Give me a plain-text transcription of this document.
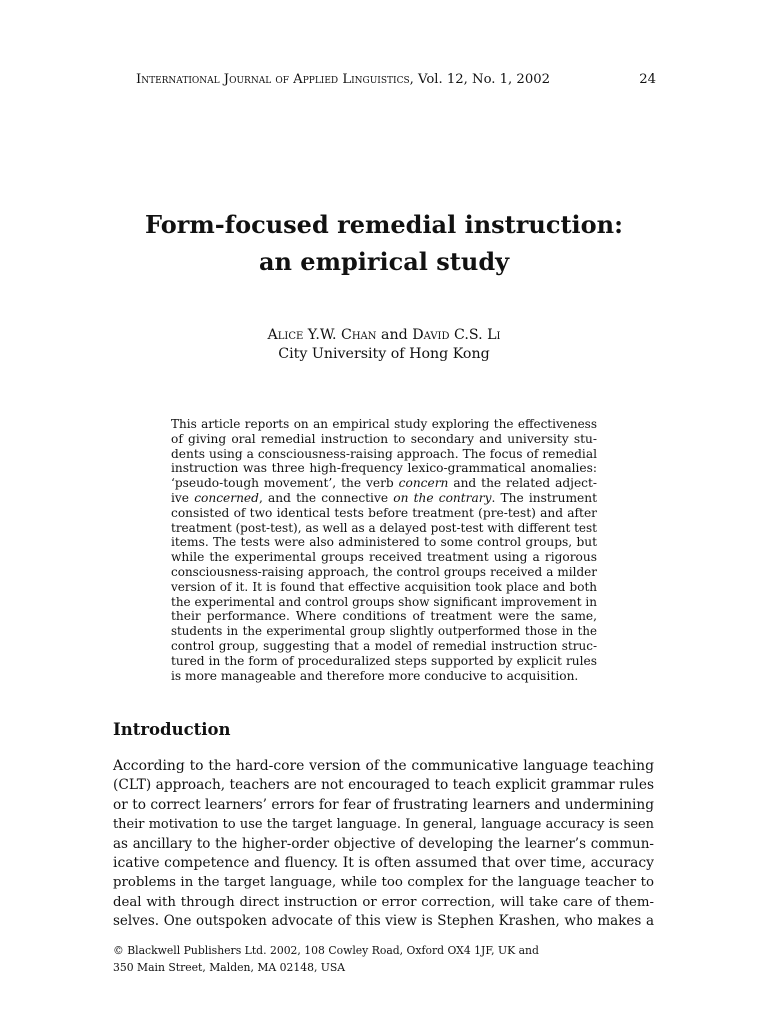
International Journal of Applied Linguistics, Vol. 12, No. 1, 2002	24
Form-focused remedial instruction:
an empirical study
Alice Y.W. Chan and David C.S. Li
City University of Hong Kong
This article reports on an empirical study exploring the effectiveness
of giving oral remedial instruction to secondary and university stu-
dents using a consciousness-raising approach. The focus of remedial
instruction was three high-frequency lexico-grammatical anomalies:
‘pseudo-tough movement’, the verb concern and the related adject-
ive concerned, and the connective on the contrary. The instrument
consisted of two identical tests before treatment (pre-test) and after
treatment (post-test), as well as a delayed post-test with different test
items. The tests were also administered to some control groups, but
while the experimental groups received treatment using a rigorous
consciousness-raising approach, the control groups received a milder
version of it. It is found that effective acquisition took place and both
the experimental and control groups show significant improvement in
their performance. Where conditions of treatment were the same,
students in the experimental group slightly outperformed those in the
control group, suggesting that a model of remedial instruction struc-
tured in the form of proceduralized steps supported by explicit rules
is more manageable and therefore more conducive to acquisition.
Introduction
According to the hard-core version of the communicative language teaching
(CLT) approach, teachers are not encouraged to teach explicit grammar rules
or to correct learners’ errors for fear of frustrating learners and undermining
their motivation to use the target language. In general, language accuracy is seen
as ancillary to the higher-order objective of developing the learner’s commun-
icative competence and fluency. It is often assumed that over time, accuracy
problems in the target language, while too complex for the language teacher to
deal with through direct instruction or error correction, will take care of them-
selves. One outspoken advocate of this view is Stephen Krashen, who makes a
© Blackwell Publishers Ltd. 2002, 108 Cowley Road, Oxford OX4 1JF, UK and
350 Main Street, Malden, MA 02148, USA
